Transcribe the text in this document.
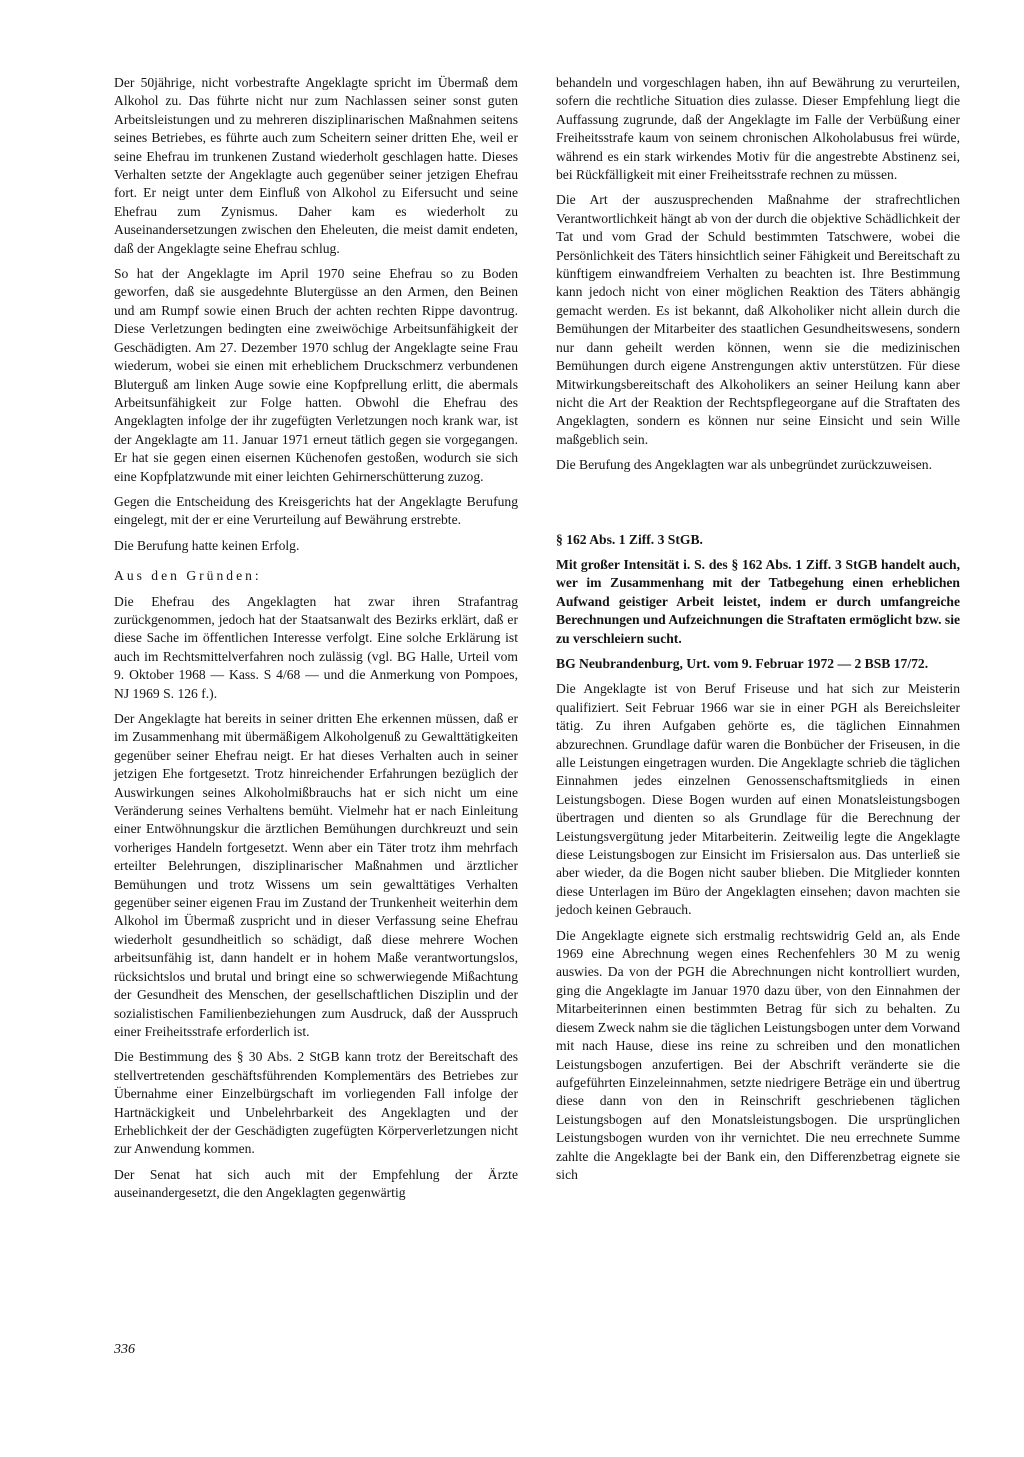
Der 50jährige, nicht vorbestrafte Angeklagte spricht im Übermaß dem Alkohol zu. Das führte nicht nur zum Nachlassen seiner sonst guten Arbeitsleistungen und zu mehreren disziplinarischen Maßnahmen seitens seines Betriebes, es führte auch zum Scheitern seiner dritten Ehe, weil er seine Ehefrau im trunkenen Zustand wiederholt geschlagen hatte. Dieses Verhalten setzte der Angeklagte auch gegenüber seiner jetzigen Ehefrau fort. Er neigt unter dem Einfluß von Alkohol zu Eifersucht und seine Ehefrau zum Zynismus. Daher kam es wiederholt zu Auseinandersetzungen zwischen den Eheleuten, die meist damit endeten, daß der Angeklagte seine Ehefrau schlug.

So hat der Angeklagte im April 1970 seine Ehefrau so zu Boden geworfen, daß sie ausgedehnte Blutergüsse an den Armen, den Beinen und am Rumpf sowie einen Bruch der achten rechten Rippe davontrug. Diese Verletzungen bedingten eine zweiwöchige Arbeitsunfähigkeit der Geschädigten. Am 27. Dezember 1970 schlug der Angeklagte seine Frau wiederum, wobei sie einen mit erheblichem Druckschmerz verbundenen Bluterguß am linken Auge sowie eine Kopfprellung erlitt, die abermals Arbeitsunfähigkeit zur Folge hatten. Obwohl die Ehefrau des Angeklagten infolge der ihr zugefügten Verletzungen noch krank war, ist der Angeklagte am 11. Januar 1971 erneut tätlich gegen sie vorgegangen. Er hat sie gegen einen eisernen Küchenofen gestoßen, wodurch sie sich eine Kopfplatzwunde mit einer leichten Gehirnerschütterung zuzog.

Gegen die Entscheidung des Kreisgerichts hat der Angeklagte Berufung eingelegt, mit der er eine Verurteilung auf Bewährung erstrebte.

Die Berufung hatte keinen Erfolg.

Aus den Gründen:

Die Ehefrau des Angeklagten hat zwar ihren Strafantrag zurückgenommen, jedoch hat der Staatsanwalt des Bezirks erklärt, daß er diese Sache im öffentlichen Interesse verfolgt. Eine solche Erklärung ist auch im Rechtsmittelverfahren noch zulässig (vgl. BG Halle, Urteil vom 9. Oktober 1968 — Kass. S 4/68 — und die Anmerkung von Pompoes, NJ 1969 S. 126 f.).

Der Angeklagte hat bereits in seiner dritten Ehe erkennen müssen, daß er im Zusammenhang mit übermäßigem Alkoholgenuß zu Gewalttätigkeiten gegenüber seiner Ehefrau neigt. Er hat dieses Verhalten auch in seiner jetzigen Ehe fortgesetzt. Trotz hinreichender Erfahrungen bezüglich der Auswirkungen seines Alkoholmißbrauchs hat er sich nicht um eine Veränderung seines Verhaltens bemüht. Vielmehr hat er nach Einleitung einer Entwöhnungskur die ärztlichen Bemühungen durchkreuzt und sein vorheriges Handeln fortgesetzt. Wenn aber ein Täter trotz ihm mehrfach erteilter Belehrungen, disziplinarischer Maßnahmen und ärztlicher Bemühungen und trotz Wissens um sein gewalttätiges Verhalten gegenüber seiner eigenen Frau im Zustand der Trunkenheit weiterhin dem Alkohol im Übermaß zuspricht und in dieser Verfassung seine Ehefrau wiederholt gesundheitlich so schädigt, daß diese mehrere Wochen arbeitsunfähig ist, dann handelt er in hohem Maße verantwortungslos, rücksichtslos und brutal und bringt eine so schwerwiegende Mißachtung der Gesundheit des Menschen, der gesellschaftlichen Disziplin und der sozialistischen Familienbeziehungen zum Ausdruck, daß der Ausspruch einer Freiheitsstrafe erforderlich ist.

Die Bestimmung des § 30 Abs. 2 StGB kann trotz der Bereitschaft des stellvertretenden geschäftsführenden Komplementärs des Betriebes zur Übernahme einer Einzelbürgschaft im vorliegenden Fall infolge der Hartnäckigkeit und Unbelehrbarkeit des Angeklagten und der Erheblichkeit der der Geschädigten zugefügten Körperverletzungen nicht zur Anwendung kommen.

Der Senat hat sich auch mit der Empfehlung der Ärzte auseinandergesetzt, die den Angeklagten gegenwärtig

behandeln und vorgeschlagen haben, ihn auf Bewährung zu verurteilen, sofern die rechtliche Situation dies zulasse. Dieser Empfehlung liegt die Auffassung zugrunde, daß der Angeklagte im Falle der Verbüßung einer Freiheitsstrafe kaum von seinem chronischen Alkoholabusus frei würde, während es ein stark wirkendes Motiv für die angestrebte Abstinenz sei, bei Rückfälligkeit mit einer Freiheitsstrafe rechnen zu müssen.

Die Art der auszusprechenden Maßnahme der strafrechtlichen Verantwortlichkeit hängt ab von der durch die objektive Schädlichkeit der Tat und vom Grad der Schuld bestimmten Tatschwere, wobei die Persönlichkeit des Täters hinsichtlich seiner Fähigkeit und Bereitschaft zu künftigem einwandfreiem Verhalten zu beachten ist. Ihre Bestimmung kann jedoch nicht von einer möglichen Reaktion des Täters abhängig gemacht werden. Es ist bekannt, daß Alkoholiker nicht allein durch die Bemühungen der Mitarbeiter des staatlichen Gesundheitswesens, sondern nur dann geheilt werden können, wenn sie die medizinischen Bemühungen durch eigene Anstrengungen aktiv unterstützen. Für diese Mitwirkungsbereitschaft des Alkoholikers an seiner Heilung kann aber nicht die Art der Reaktion der Rechtspflegeorgane auf die Straftaten des Angeklagten, sondern es können nur seine Einsicht und sein Wille maßgeblich sein.

Die Berufung des Angeklagten war als unbegründet zurückzuweisen.

§ 162 Abs. 1 Ziff. 3 StGB.

Mit großer Intensität i. S. des § 162 Abs. 1 Ziff. 3 StGB handelt auch, wer im Zusammenhang mit der Tatbegehung einen erheblichen Aufwand geistiger Arbeit leistet, indem er durch umfangreiche Berechnungen und Aufzeichnungen die Straftaten ermöglicht bzw. sie zu verschleiern sucht.

BG Neubrandenburg, Urt. vom 9. Februar 1972 — 2 BSB 17/72.

Die Angeklagte ist von Beruf Friseuse und hat sich zur Meisterin qualifiziert. Seit Februar 1966 war sie in einer PGH als Bereichsleiter tätig. Zu ihren Aufgaben gehörte es, die täglichen Einnahmen abzurechnen. Grundlage dafür waren die Bonbücher der Friseusen, in die alle Leistungen eingetragen wurden. Die Angeklagte schrieb die täglichen Einnahmen jedes einzelnen Genossenschaftsmitglieds in einen Leistungsbogen. Diese Bogen wurden auf einen Monatsleistungsbogen übertragen und dienten so als Grundlage für die Berechnung der Leistungsvergütung jeder Mitarbeiterin. Zeitweilig legte die Angeklagte diese Leistungsbogen zur Einsicht im Frisiersalon aus. Das unterließ sie aber wieder, da die Bogen nicht sauber blieben. Die Mitglieder konnten diese Unterlagen im Büro der Angeklagten einsehen; davon machten sie jedoch keinen Gebrauch.

Die Angeklagte eignete sich erstmalig rechtswidrig Geld an, als Ende 1969 eine Abrechnung wegen eines Rechenfehlers 30 M zu wenig auswies. Da von der PGH die Abrechnungen nicht kontrolliert wurden, ging die Angeklagte im Januar 1970 dazu über, von den Einnahmen der Mitarbeiterinnen einen bestimmten Betrag für sich zu behalten. Zu diesem Zweck nahm sie die täglichen Leistungsbogen unter dem Vorwand mit nach Hause, diese ins reine zu schreiben und den monatlichen Leistungsbogen anzufertigen. Bei der Abschrift veränderte sie die aufgeführten Einzeleinnahmen, setzte niedrigere Beträge ein und übertrug diese dann von den in Reinschrift geschriebenen täglichen Leistungsbogen auf den Monatsleistungsbogen. Die ursprünglichen Leistungsbogen wurden von ihr vernichtet. Die neu errechnete Summe zahlte die Angeklagte bei der Bank ein, den Differenzbetrag eignete sie sich

336
